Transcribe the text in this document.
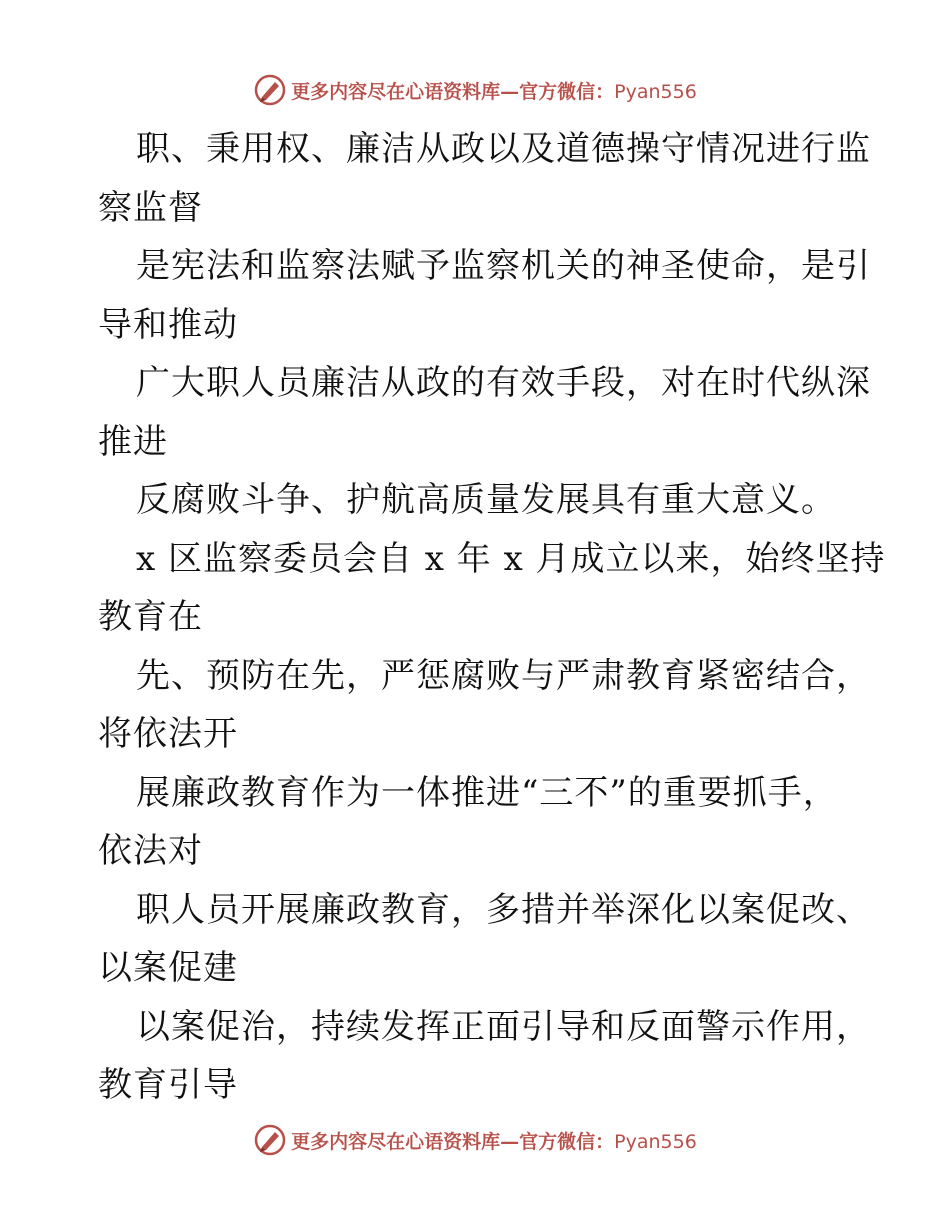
更多内容尽在心语资料库—官方微信：Pyan556
职、秉用权、廉洁从政以及道德操守情况进行监
察监督
是宪法和监察法赋予监察机关的神圣使命，是引
导和推动
广大职人员廉洁从政的有效手段，对在时代纵深
推进
反腐败斗争、护航高质量发展具有重大意义。
x 区监察委员会自 x 年 x 月成立以来，始终坚持
教育在
先、预防在先，严惩腐败与严肃教育紧密结合，
将依法开
展廉政教育作为一体推进“三不”的重要抓手，
依法对
职人员开展廉政教育，多措并举深化以案促改、
以案促建
以案促治，持续发挥正面引导和反面警示作用，
教育引导
更多内容尽在心语资料库—官方微信：Pyan556
